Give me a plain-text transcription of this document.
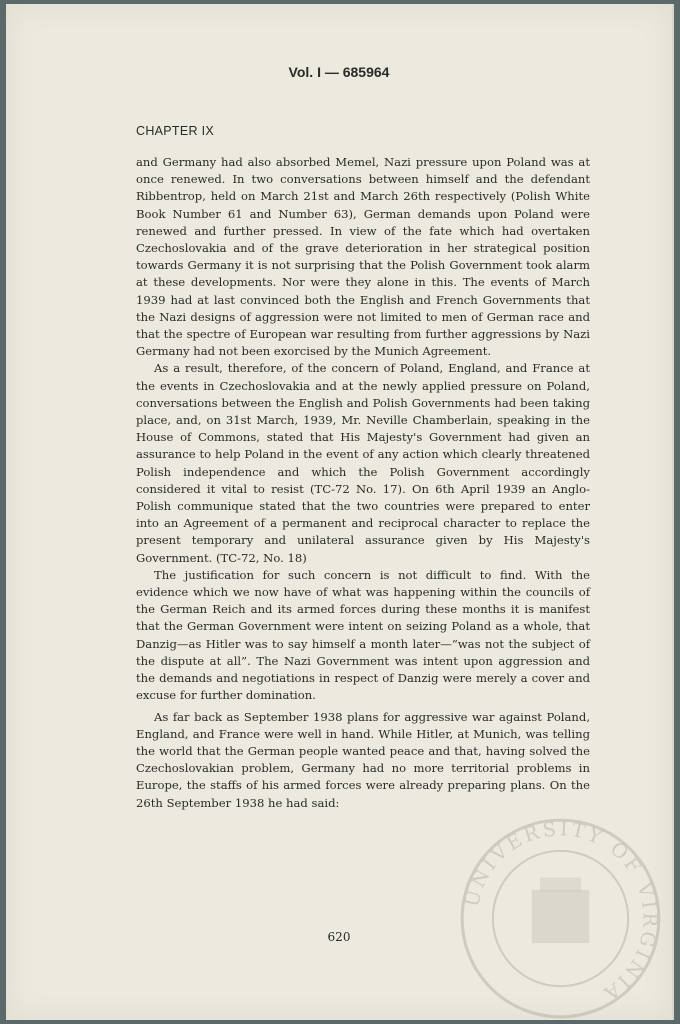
Vol. I — 685964
CHAPTER IX

and Germany had also absorbed Memel, Nazi pressure upon Poland was at once renewed. In two conversations between himself and the defendant Ribbentrop, held on March 21st and March 26th respectively (Polish White Book Number 61 and Number 63), German demands upon Poland were renewed and further pressed. In view of the fate which had overtaken Czechoslovakia and of the grave deterioration in her strategical position towards Germany it is not surprising that the Polish Government took alarm at these developments. Nor were they alone in this. The events of March 1939 had at last convinced both the English and French Governments that the Nazi designs of aggression were not limited to men of German race and that the spectre of European war resulting from further aggressions by Nazi Germany had not been exorcised by the Munich Agreement.

As a result, therefore, of the concern of Poland, England, and France at the events in Czechoslovakia and at the newly applied pressure on Poland, conversations between the English and Polish Governments had been taking place, and, on 31st March, 1939, Mr. Neville Chamberlain, speaking in the House of Commons, stated that His Majesty's Government had given an assurance to help Poland in the event of any action which clearly threatened Polish independence and which the Polish Government accordingly considered it vital to resist (TC-72 No. 17). On 6th April 1939 an Anglo-Polish communique stated that the two countries were prepared to enter into an Agreement of a permanent and reciprocal character to replace the present temporary and unilateral assurance given by His Majesty's Government. (TC-72, No. 18)

The justification for such concern is not difficult to find. With the evidence which we now have of what was happening within the councils of the German Reich and its armed forces during these months it is manifest that the German Government were intent on seizing Poland as a whole, that Danzig—as Hitler was to say himself a month later—“was not the subject of the dispute at all”. The Nazi Government was intent upon aggression and the demands and negotiations in respect of Danzig were merely a cover and excuse for further domination.

As far back as September 1938 plans for aggressive war against Poland, England, and France were well in hand. While Hitler, at Munich, was telling the world that the German people wanted peace and that, having solved the Czechoslovakian problem, Germany had no more territorial problems in Europe, the staffs of his armed forces were already preparing plans. On the 26th September 1938 he had said:

620
UNIVERSITY OF VIRGINIA
